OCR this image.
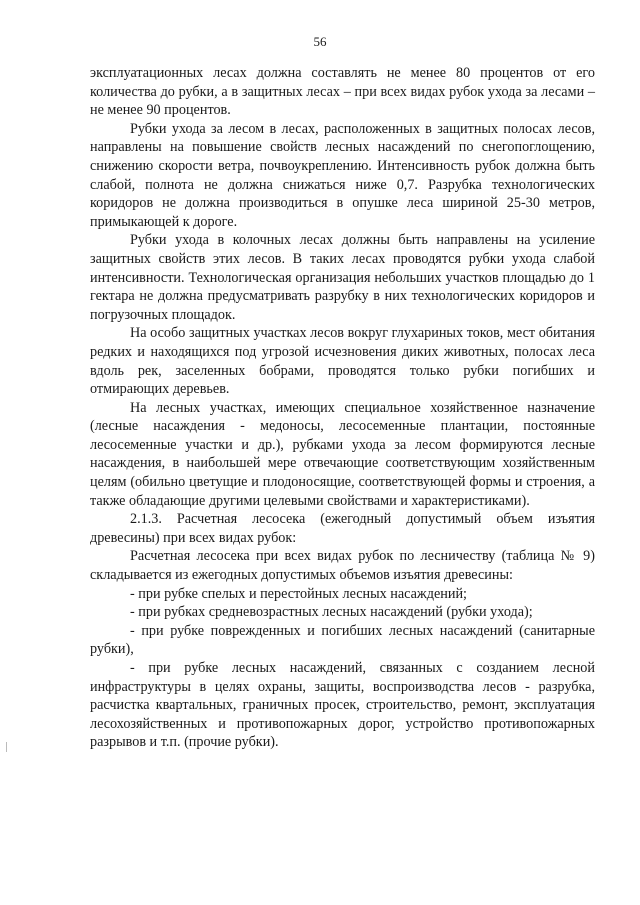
56

эксплуатационных лесах должна составлять не менее 80 процентов от его количества до рубки, а в защитных лесах – при всех видах рубок ухода за лесами – не менее 90 процентов.

Рубки ухода за лесом в лесах, расположенных в защитных полосах лесов, направлены на повышение свойств лесных насаждений по снегопоглощению, снижению скорости ветра, почвоукреплению. Интенсивность рубок должна быть слабой, полнота не должна снижаться ниже 0,7. Разрубка технологических коридоров не должна производиться в опушке леса шириной 25-30 метров, примыкающей к дороге.

Рубки ухода в колочных лесах должны быть направлены на усиление защитных свойств этих лесов. В таких лесах проводятся рубки ухода слабой интенсивности. Технологическая организация небольших участков площадью до 1 гектара не должна предусматривать разрубку в них технологических коридоров и погрузочных площадок.

На особо защитных участках лесов вокруг глухариных токов, мест обитания редких и находящихся под угрозой исчезновения диких животных, полосах леса вдоль рек, заселенных бобрами, проводятся только рубки погибших и отмирающих деревьев.

На лесных участках, имеющих специальное хозяйственное назначение (лесные насаждения - медоносы, лесосеменные плантации, постоянные лесосеменные участки и др.), рубками ухода за лесом формируются лесные насаждения, в наибольшей мере отвечающие соответствующим хозяйственным целям (обильно цветущие и плодоносящие, соответствующей формы и строения, а также обладающие другими целевыми свойствами и характеристиками).

2.1.3. Расчетная лесосека (ежегодный допустимый объем изъятия древесины) при всех видах рубок:

Расчетная лесосека при всех видах рубок по лесничеству (таблица № 9) складывается из ежегодных допустимых объемов изъятия древесины:

- при рубке спелых и перестойных лесных насаждений;

- при рубках средневозрастных лесных насаждений (рубки ухода);

- при рубке поврежденных и погибших лесных насаждений (санитарные рубки),

- при рубке лесных насаждений, связанных с созданием лесной инфраструктуры в целях охраны, защиты, воспроизводства лесов - разрубка, расчистка квартальных, граничных просек, строительство, ремонт, эксплуатация лесохозяйственных и противопожарных дорог, устройство противопожарных разрывов и т.п. (прочие рубки).
